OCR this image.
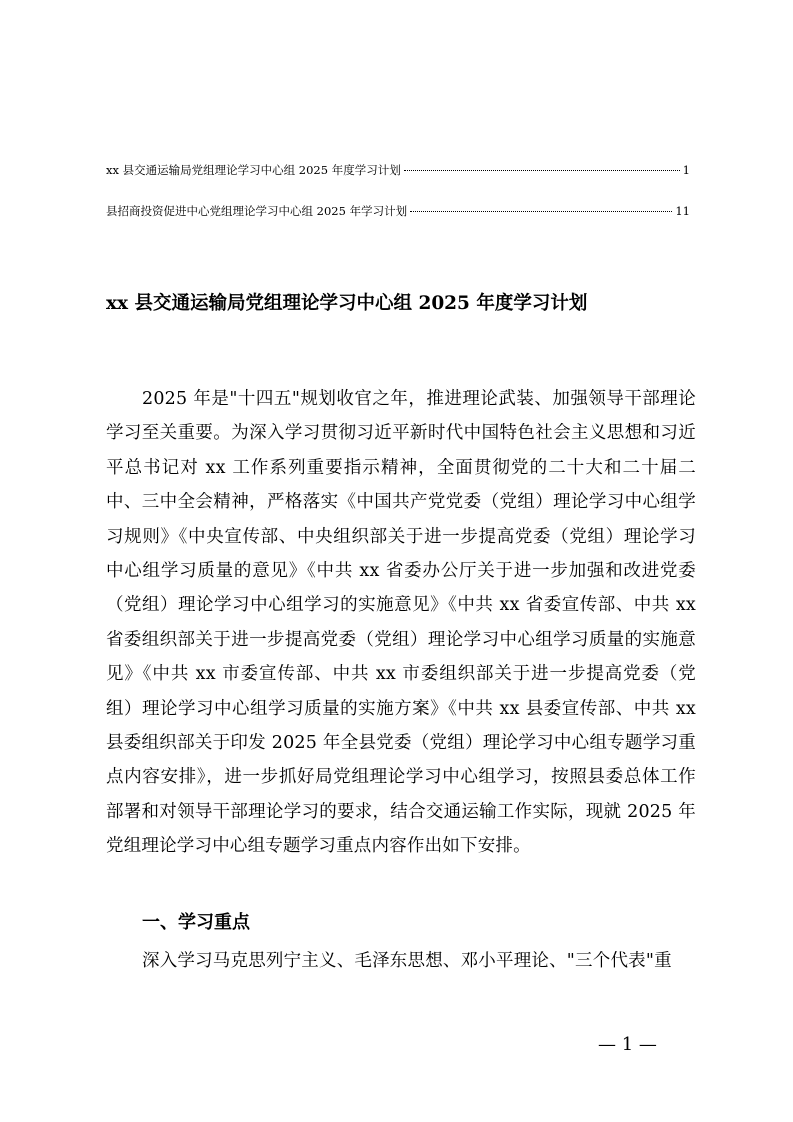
xx 县交通运输局党组理论学习中心组 2025 年度学习计划	1
县招商投资促进中心党组理论学习中心组 2025 年学习计划	11
xx 县交通运输局党组理论学习中心组 2025 年度学习计划

2025 年是"十四五"规划收官之年，推进理论武装、加强领导干部理论学习至关重要。为深入学习贯彻习近平新时代中国特色社会主义思想和习近平总书记对 xx 工作系列重要指示精神，全面贯彻党的二十大和二十届二中、三中全会精神，严格落实《中国共产党党委（党组）理论学习中心组学习规则》《中央宣传部、中央组织部关于进一步提高党委（党组）理论学习中心组学习质量的意见》《中共 xx 省委办公厅关于进一步加强和改进党委（党组）理论学习中心组学习的实施意见》《中共 xx 省委宣传部、中共 xx 省委组织部关于进一步提高党委（党组）理论学习中心组学习质量的实施意见》《中共 xx 市委宣传部、中共 xx 市委组织部关于进一步提高党委（党组）理论学习中心组学习质量的实施方案》《中共 xx 县委宣传部、中共 xx 县委组织部关于印发 2025 年全县党委（党组）理论学习中心组专题学习重点内容安排》，进一步抓好局党组理论学习中心组学习，按照县委总体工作部署和对领导干部理论学习的要求，结合交通运输工作实际，现就 2025 年党组理论学习中心组专题学习重点内容作出如下安排。

一、学习重点
深入学习马克思列宁主义、毛泽东思想、邓小平理论、"三个代表"重
— 1 —
